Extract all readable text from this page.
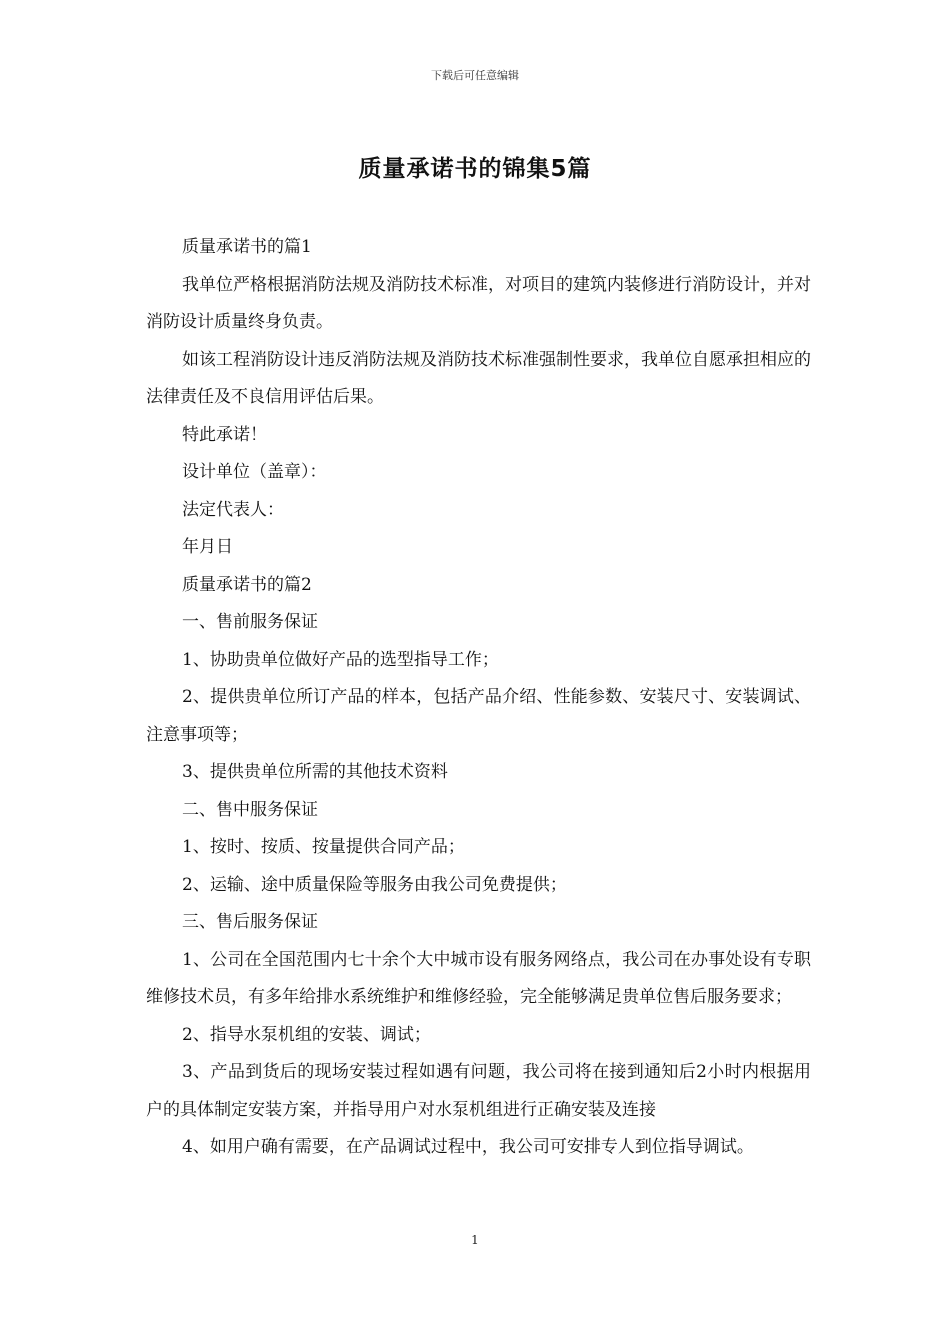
下载后可任意编辑
质量承诺书的锦集5篇

质量承诺书的篇1

我单位严格根据消防法规及消防技术标准，对项目的建筑内装修进行消防设计，并对消防设计质量终身负责。

如该工程消防设计违反消防法规及消防技术标准强制性要求，我单位自愿承担相应的法律责任及不良信用评估后果。

特此承诺！

设计单位（盖章）：

法定代表人：

年月日

质量承诺书的篇2

一、售前服务保证

1、协助贵单位做好产品的选型指导工作；

2、提供贵单位所订产品的样本，包括产品介绍、性能参数、安装尺寸、安装调试、注意事项等；

3、提供贵单位所需的其他技术资料

二、售中服务保证

1、按时、按质、按量提供合同产品；

2、运输、途中质量保险等服务由我公司免费提供；

三、售后服务保证

1、公司在全国范围内七十余个大中城市设有服务网络点，我公司在办事处设有专职维修技术员，有多年给排水系统维护和维修经验，完全能够满足贵单位售后服务要求；

2、指导水泵机组的安装、调试；

3、产品到货后的现场安装过程如遇有问题，我公司将在接到通知后2小时内根据用户的具体制定安装方案，并指导用户对水泵机组进行正确安装及连接

4、如用户确有需要，在产品调试过程中，我公司可安排专人到位指导调试。

1
